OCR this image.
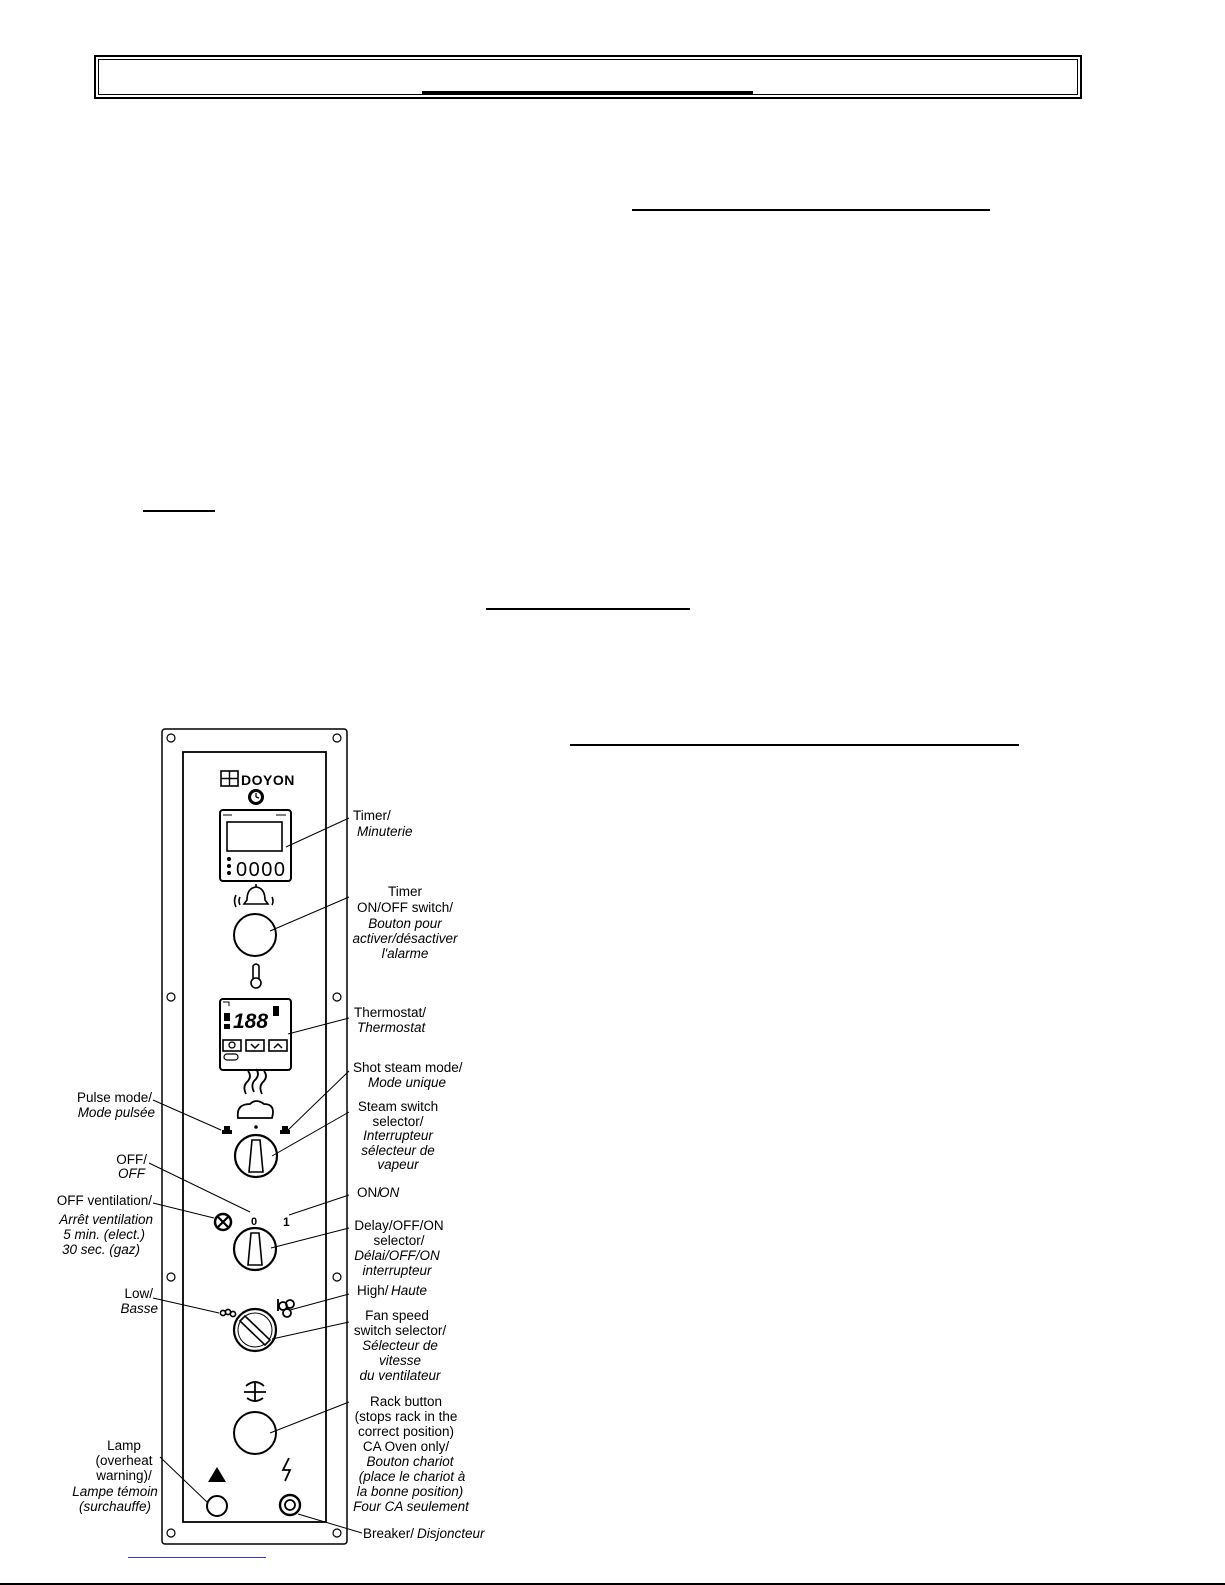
DOYON
0000
188
0 1
Timer/
Minuterie
Timer
ON/OFF switch/
Bouton pour
activer/désactiver
l'alarme
Thermostat/
Thermostat
Shot steam mode/
Mode unique
Steam switch
selector/
Interrupteur
sélecteur de
vapeur
Pulse mode/
Mode pulsée
OFF/
OFF
OFF ventilation/
Arrêt ventilation
5 min. (elect.)
30 sec. (gaz)
ON/
ON
Delay/OFF/ON
selector/
Délai/OFF/ON
interrupteur
Low/
Basse
High/ Haute
Fan speed
switch selector/
Sélecteur de
vitesse
du ventilateur
Rack button
(stops rack in the
correct position)
CA Oven only/
Bouton chariot
(place le chariot à
la bonne position)
Four CA seulement
Lamp
(overheat
warning)/
Lampe témoin
(surchauffe)
Breaker/ Disjoncteur
